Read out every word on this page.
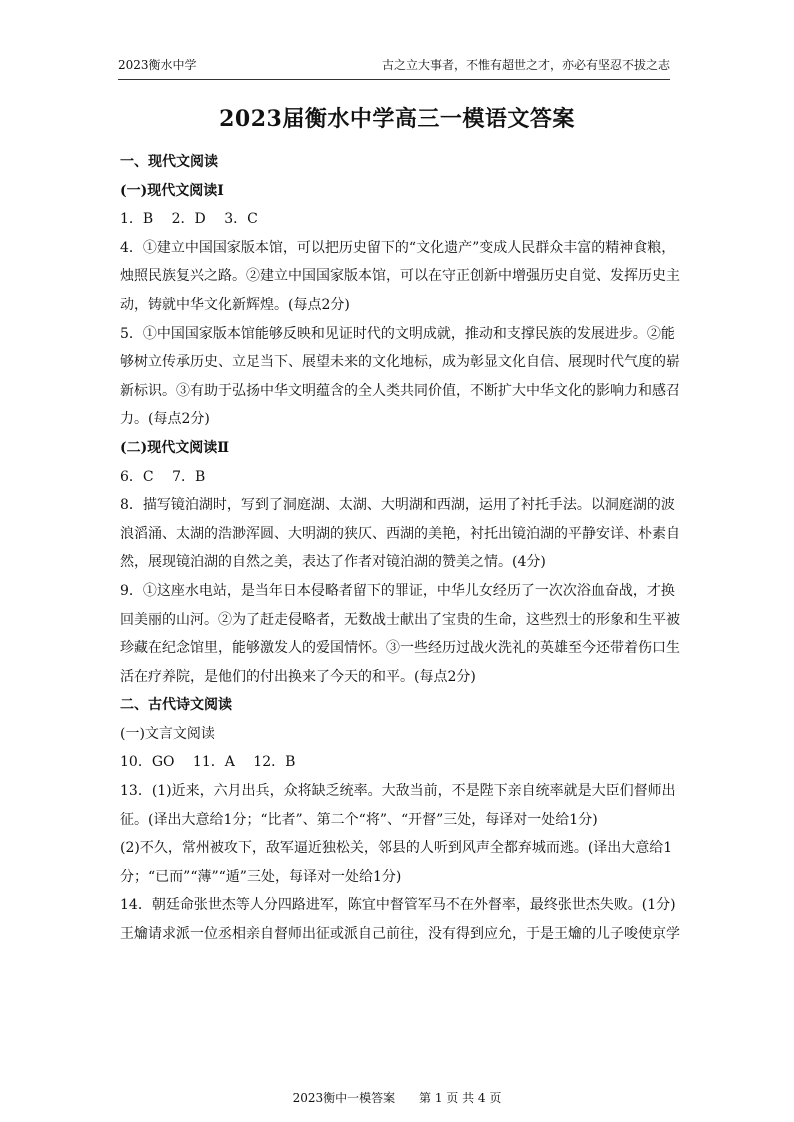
2023衡水中学	古之立大事者，不惟有超世之才，亦必有坚忍不拔之志
2023届衡水中学高三一模语文答案

一、现代文阅读

(一)现代文阅读Ⅰ

1．B　 2．D　 3．C

4．①建立中国国家版本馆，可以把历史留下的“文化遗产”变成人民群众丰富的精神食粮，

烛照民族复兴之路。②建立中国国家版本馆，可以在守正创新中增强历史自觉、发挥历史主

动，铸就中华文化新辉煌。(每点2分)

5．①中国国家版本馆能够反映和见证时代的文明成就，推动和支撑民族的发展进步。②能

够树立传承历史、立足当下、展望未来的文化地标，成为彰显文化自信、展现时代气度的崭

新标识。③有助于弘扬中华文明蕴含的全人类共同价值，不断扩大中华文化的影响力和感召

力。(每点2分)

(二)现代文阅读Ⅱ

6．C　 7．B

8．描写镜泊湖时，写到了洞庭湖、太湖、大明湖和西湖，运用了衬托手法。以洞庭湖的波

浪滔涌、太湖的浩渺浑圆、大明湖的狭仄、西湖的美艳，衬托出镜泊湖的平静安详、朴素自

然，展现镜泊湖的自然之美，表达了作者对镜泊湖的赞美之情。(4分)

9．①这座水电站，是当年日本侵略者留下的罪证，中华儿女经历了一次次浴血奋战，才换

回美丽的山河。②为了赶走侵略者，无数战士献出了宝贵的生命，这些烈士的形象和生平被

珍藏在纪念馆里，能够激发人的爱国情怀。③一些经历过战火洗礼的英雄至今还带着伤口生

活在疗养院，是他们的付出换来了今天的和平。(每点2分)

二、古代诗文阅读

(一)文言文阅读

10．GO　 11．A　 12．B

13．(1)近来，六月出兵，众将缺乏统率。大敌当前，不是陛下亲自统率就是大臣们督师出

征。(译出大意给1分；“比者”、第二个“将”、“开督”三处，每译对一处给1分)

(2)不久，常州被攻下，敌军逼近独松关，邻县的人听到风声全都弃城而逃。(译出大意给1

分；“已而”“薄”“遁”三处，每译对一处给1分)

14．朝廷命张世杰等人分四路进军，陈宜中督管军马不在外督率，最终张世杰失败。(1分)

王爚请求派一位丞相亲自督师出征或派自己前往，没有得到应允，于是王爚的儿子唆使京学

2023衡中一模答案 第 1 页 共 4 页
